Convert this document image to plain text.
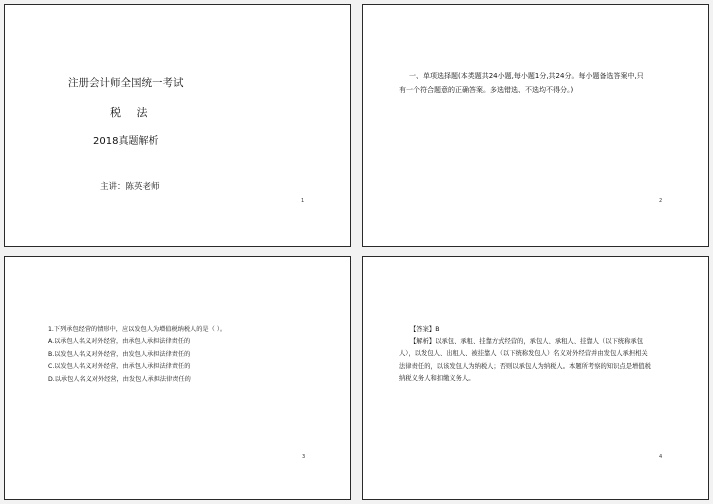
注册会计师全国统一考试
税 法
2018真题解析
主讲：陈英老师
1
一、单项选择题(本类题共24小题,每小题1分,共24分。每小题备选答案中,只有一个符合题意的正确答案。多选错选、不选均不得分。)
2
1.下列承包经营的情形中，应以发包人为增值税纳税人的是（ ）。
A.以承包人名义对外经营，由承包人承担法律责任的
B.以发包人名义对外经营，由发包人承担法律责任的
C.以发包人名义对外经营，由承包人承担法律责任的
D.以承包人名义对外经营，由发包人承担法律责任的
3
【答案】B
【解析】以承包、承租、挂靠方式经营的，承包人、承租人、挂靠人（以下统称承包人），以发包人、出租人、被挂靠人（以下统称发包人）名义对外经营并由发包人承担相关法律责任的，以该发包人为纳税人；否则以承包人为纳税人。本题所考察的知识点是增值税纳税义务人和扣缴义务人。
4
